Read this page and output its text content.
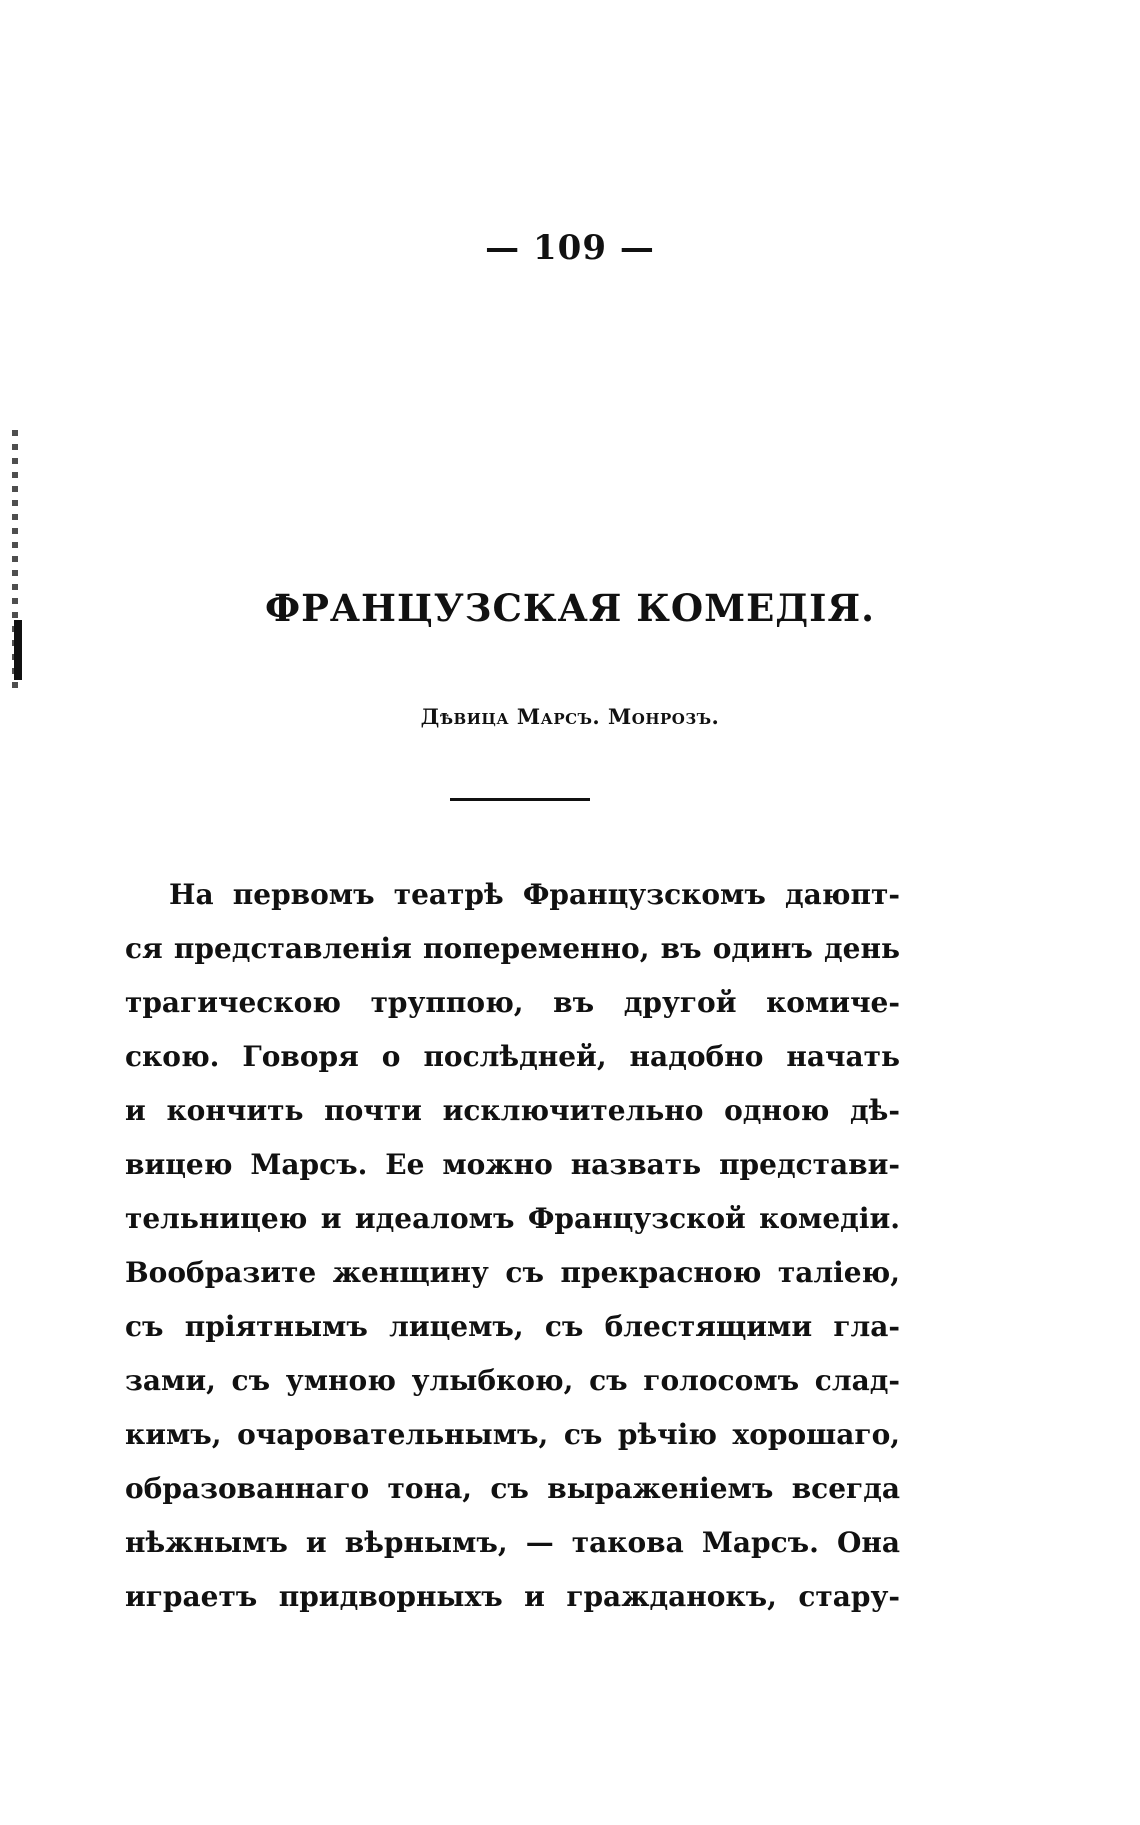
— 109 —
ФРАНЦУЗСКАЯ КОМЕДІЯ.
Дѣвица Марсъ. Монрозъ.
На первомъ театрѣ Французскомъ даюпт-
ся представленія попеременно, въ одинъ день
трагическою труппою, въ другой комиче-
скою. Говоря о послѣдней, надобно начать
и кончить почти исключительно одною дѣ-
вицею Марсъ. Ее можно назвать представи-
тельницею и идеаломъ Французской комедіи.
Вообразите женщину съ прекрасною таліею,
съ пріятнымъ лицемъ, съ блестящими гла-
зами, съ умною улыбкою, съ голосомъ слад-
кимъ, очаровательнымъ, съ рѣчію хорошаго,
образованнаго тона, съ выраженіемъ всегда
нѣжнымъ и вѣрнымъ, — такова Марсъ. Она
играетъ придворныхъ и гражданокъ, стару-
